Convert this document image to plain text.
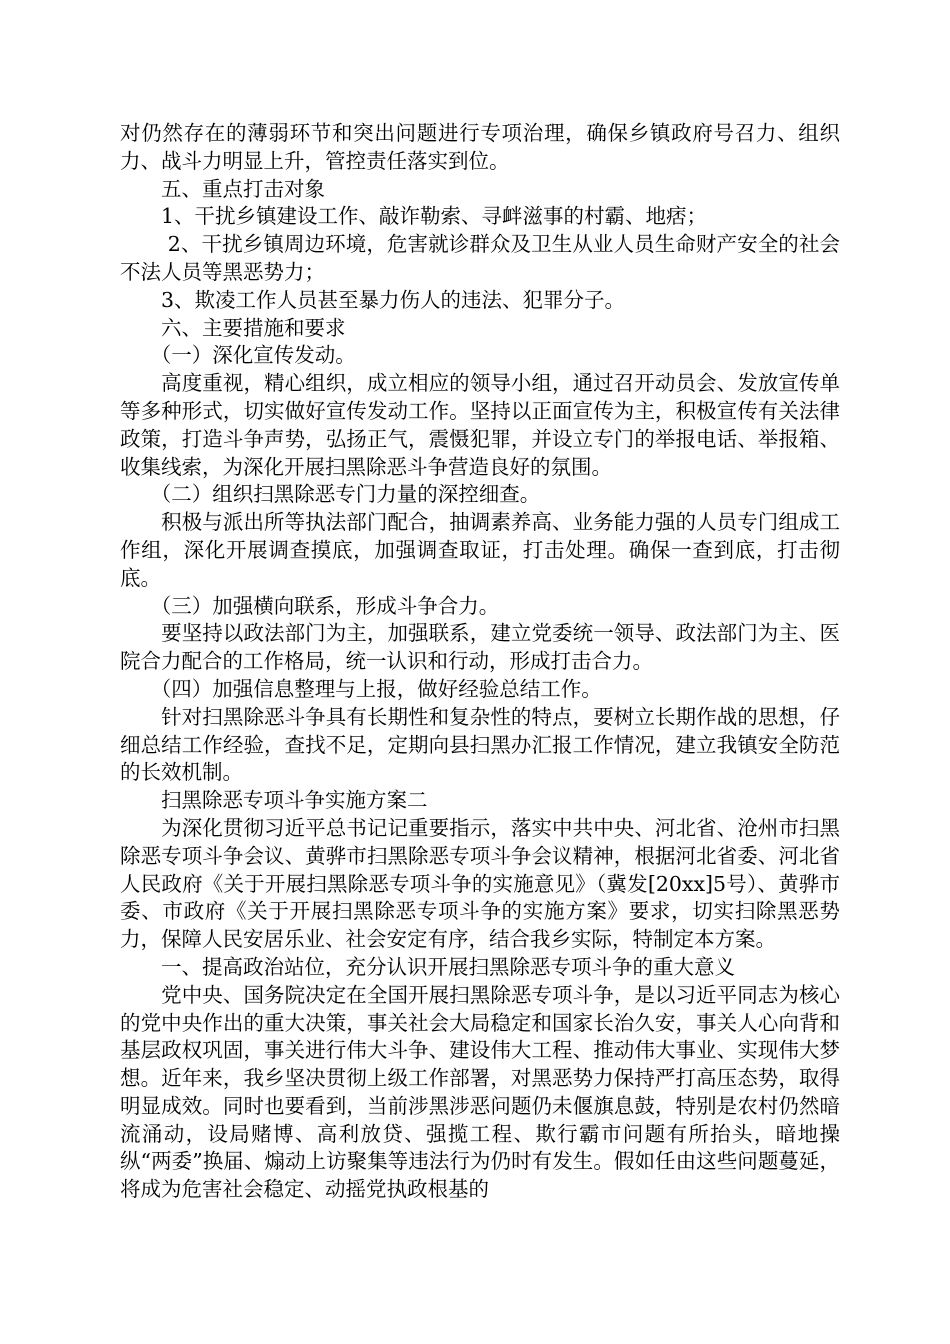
对仍然存在的薄弱环节和突出问题进行专项治理，确保乡镇政府号召力、组织力、战斗力明显上升，管控责任落实到位。

　　五、重点打击对象

　　1、干扰乡镇建设工作、敲诈勒索、寻衅滋事的村霸、地痞；

　　 2、干扰乡镇周边环境，危害就诊群众及卫生从业人员生命财产安全的社会不法人员等黑恶势力；

　　3、欺凌工作人员甚至暴力伤人的违法、犯罪分子。

　　六、主要措施和要求

　　（一）深化宣传发动。

　　高度重视，精心组织，成立相应的领导小组，通过召开动员会、发放宣传单等多种形式，切实做好宣传发动工作。坚持以正面宣传为主，积极宣传有关法律政策，打造斗争声势，弘扬正气，震慑犯罪，并设立专门的举报电话、举报箱、收集线索，为深化开展扫黑除恶斗争营造良好的氛围。

　　（二）组织扫黑除恶专门力量的深控细查。

　　积极与派出所等执法部门配合，抽调素养高、业务能力强的人员专门组成工作组，深化开展调查摸底，加强调查取证，打击处理。确保一查到底，打击彻底。

　　（三）加强横向联系，形成斗争合力。

　　要坚持以政法部门为主，加强联系，建立党委统一领导、政法部门为主、医院合力配合的工作格局，统一认识和行动，形成打击合力。

　　（四）加强信息整理与上报，做好经验总结工作。

　　针对扫黑除恶斗争具有长期性和复杂性的特点，要树立长期作战的思想，仔细总结工作经验，查找不足，定期向县扫黑办汇报工作情况，建立我镇安全防范的长效机制。

　　扫黑除恶专项斗争实施方案二

　　为深化贯彻习近平总书记记重要指示，落实中共中央、河北省、沧州市扫黑除恶专项斗争会议、黄骅市扫黑除恶专项斗争会议精神，根据河北省委、河北省人民政府《关于开展扫黑除恶专项斗争的实施意见》（冀发[20xx]5号）、黄骅市委、市政府《关于开展扫黑除恶专项斗争的实施方案》要求，切实扫除黑恶势力，保障人民安居乐业、社会安定有序，结合我乡实际，特制定本方案。

　　一、提高政治站位，充分认识开展扫黑除恶专项斗争的重大意义

　　党中央、国务院决定在全国开展扫黑除恶专项斗争，是以习近平同志为核心的党中央作出的重大决策，事关社会大局稳定和国家长治久安，事关人心向背和基层政权巩固，事关进行伟大斗争、建设伟大工程、推动伟大事业、实现伟大梦想。近年来，我乡坚决贯彻上级工作部署，对黑恶势力保持严打高压态势，取得明显成效。同时也要看到，当前涉黑涉恶问题仍未偃旗息鼓，特别是农村仍然暗流涌动，设局赌博、高利放贷、强揽工程、欺行霸市问题有所抬头，暗地操纵“两委”换届、煽动上访聚集等违法行为仍时有发生。假如任由这些问题蔓延，将成为危害社会稳定、动摇党执政根基的
